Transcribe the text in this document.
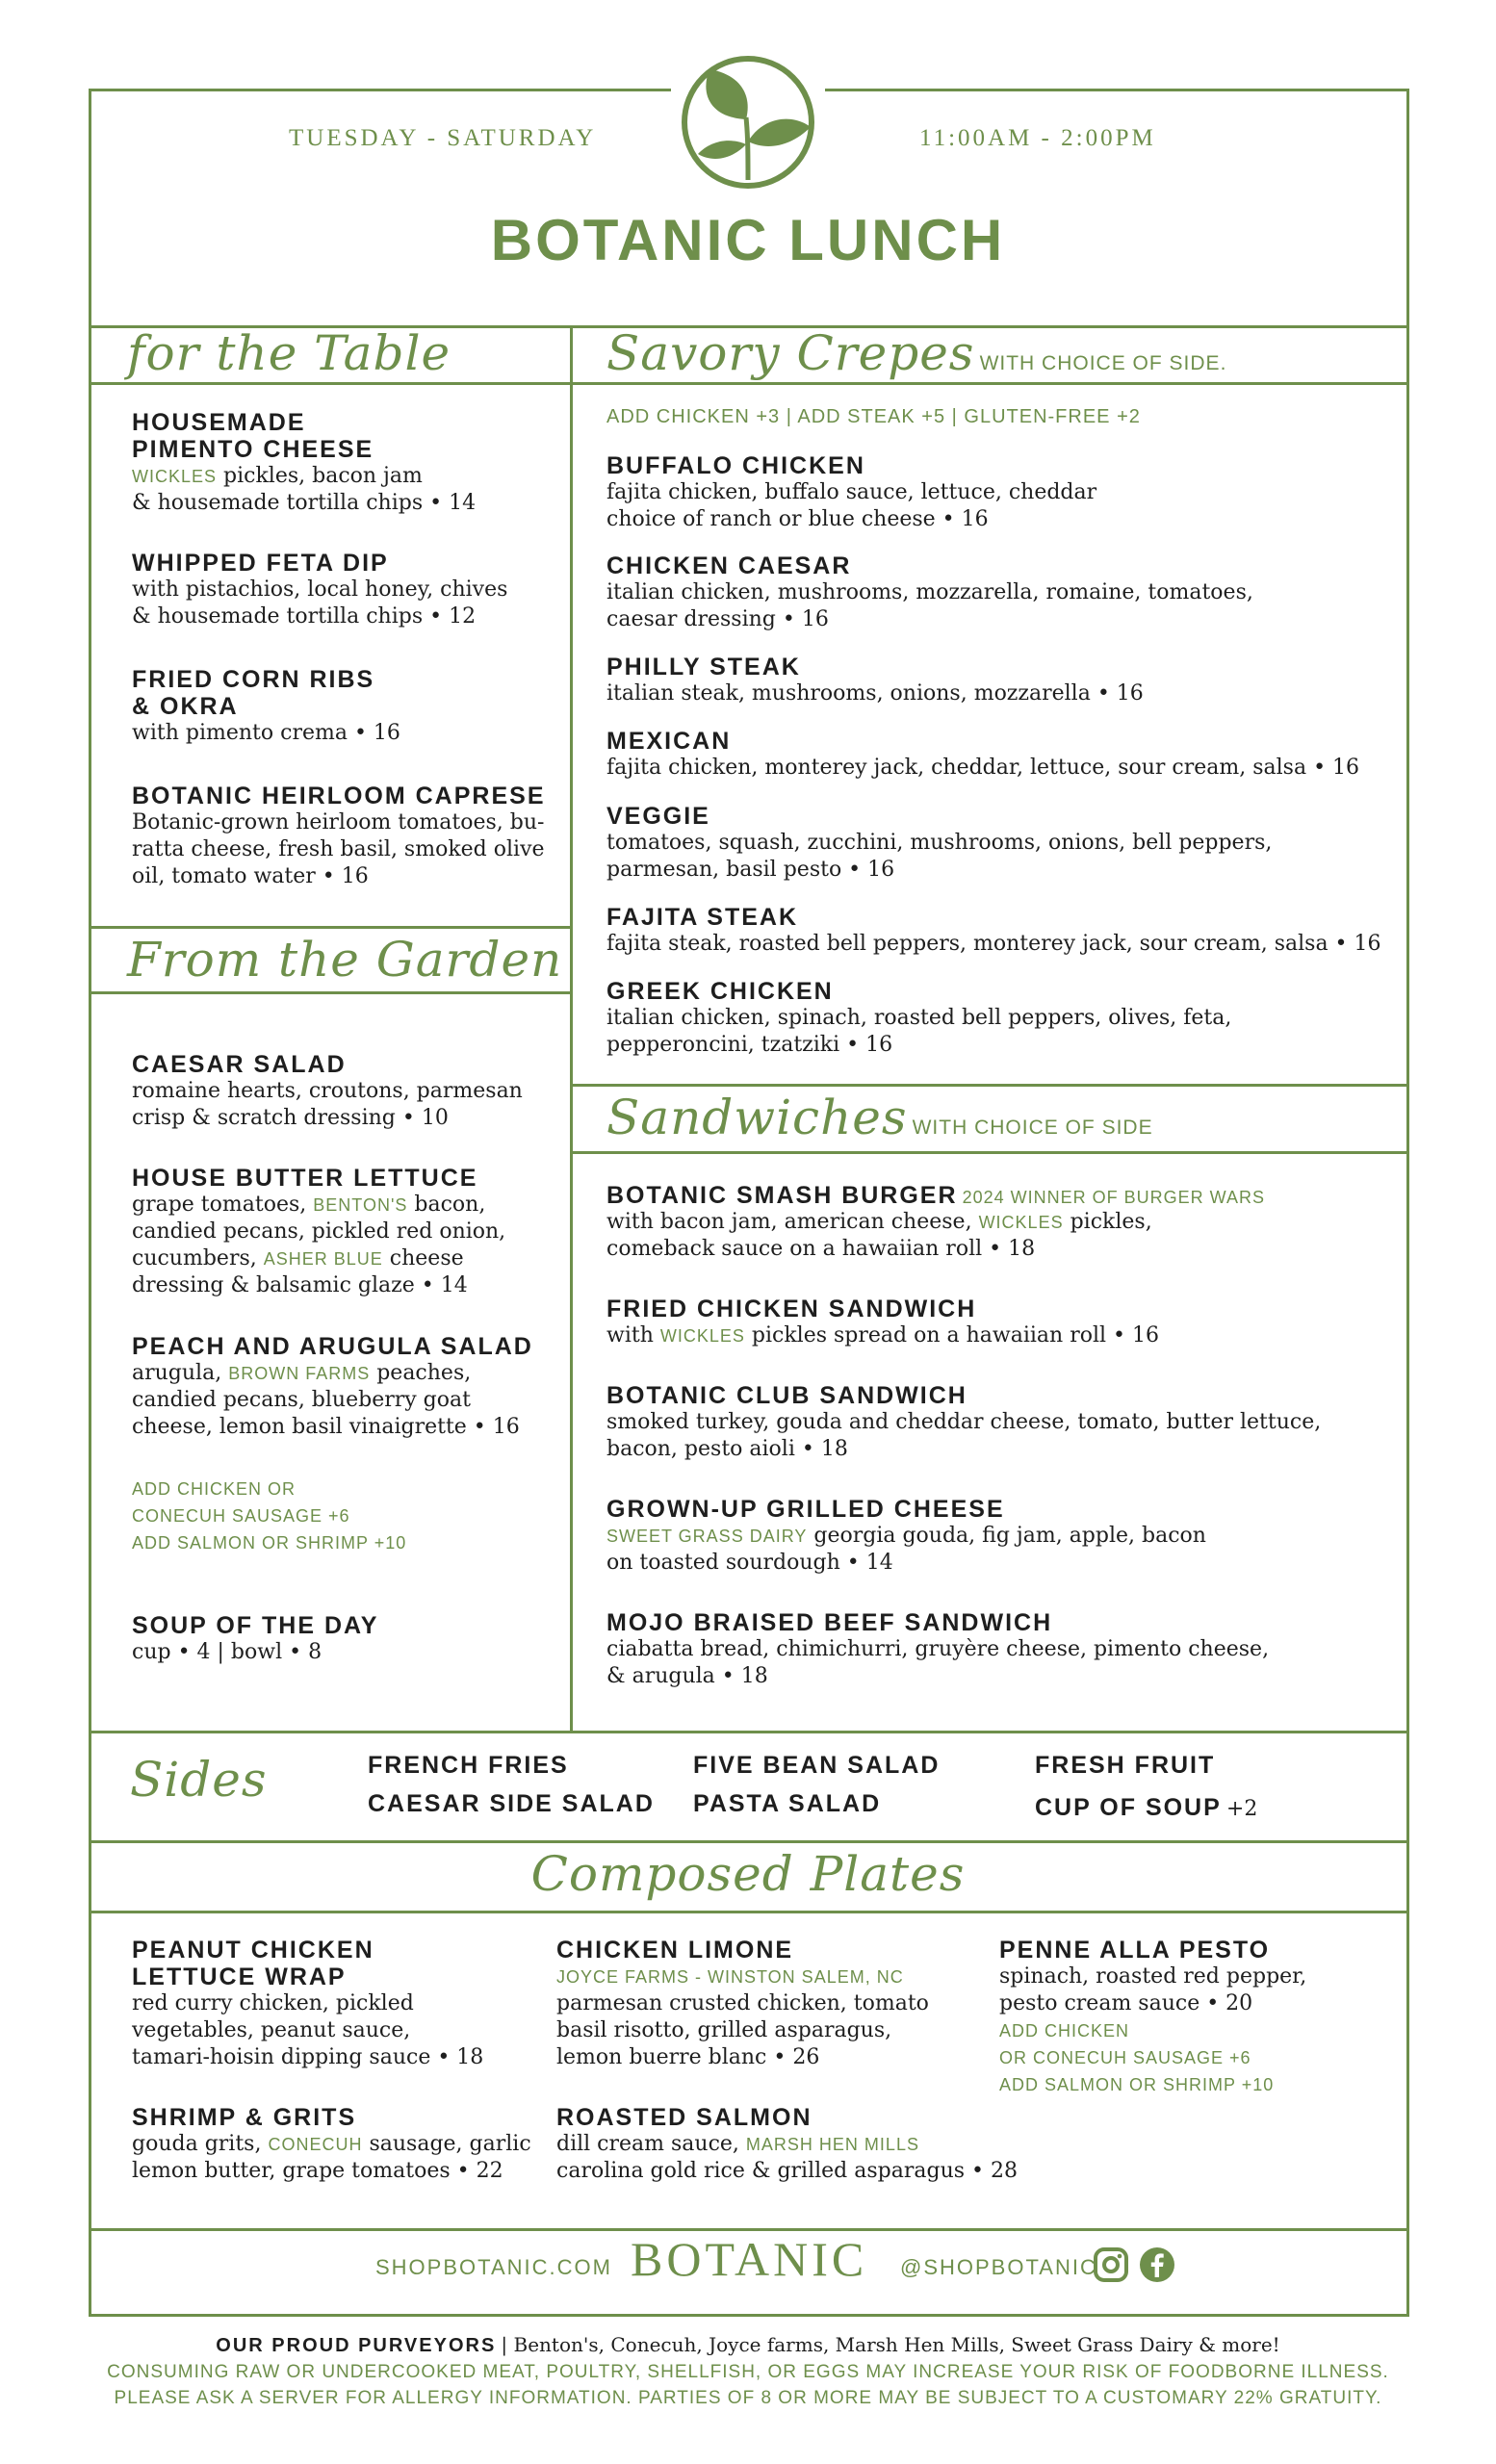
TUESDAY - SATURDAY	11:00AM - 2:00PM
BOTANIC LUNCH
for the Table
HOUSEMADE
PIMENTO CHEESE
WICKLES pickles, bacon jam
& housemade tortilla chips • 14
WHIPPED FETA DIP
with pistachios, local honey, chives
& housemade tortilla chips • 12
FRIED CORN RIBS
& OKRA
with pimento crema • 16
BOTANIC HEIRLOOM CAPRESE
Botanic-grown heirloom tomatoes, bu-
ratta cheese, fresh basil, smoked olive
oil, tomato water • 16
From the Garden
CAESAR SALAD
romaine hearts, croutons, parmesan
crisp & scratch dressing • 10
HOUSE BUTTER LETTUCE
grape tomatoes, BENTON'S bacon,
candied pecans, pickled red onion,
cucumbers, ASHER BLUE cheese
dressing & balsamic glaze • 14
PEACH AND ARUGULA SALAD
arugula, BROWN FARMS peaches,
candied pecans, blueberry goat
cheese, lemon basil vinaigrette • 16
ADD CHICKEN OR
CONECUH SAUSAGE +6
ADD SALMON OR SHRIMP +10
SOUP OF THE DAY
cup • 4 | bowl • 8
Savory Crepes WITH CHOICE OF SIDE.
ADD CHICKEN +3 | ADD STEAK +5 | GLUTEN-FREE +2
BUFFALO CHICKEN
fajita chicken, buffalo sauce, lettuce, cheddar
choice of ranch or blue cheese • 16
CHICKEN CAESAR
italian chicken, mushrooms, mozzarella, romaine, tomatoes,
caesar dressing • 16
PHILLY STEAK
italian steak, mushrooms, onions, mozzarella • 16
MEXICAN
fajita chicken, monterey jack, cheddar, lettuce, sour cream, salsa • 16
VEGGIE
tomatoes, squash, zucchini, mushrooms, onions, bell peppers,
parmesan, basil pesto • 16
FAJITA STEAK
fajita steak, roasted bell peppers, monterey jack, sour cream, salsa • 16
GREEK CHICKEN
italian chicken, spinach, roasted bell peppers, olives, feta,
pepperoncini, tzatziki • 16
Sandwiches WITH CHOICE OF SIDE
BOTANIC SMASH BURGER 2024 WINNER OF BURGER WARS
with bacon jam, american cheese, WICKLES pickles,
comeback sauce on a hawaiian roll • 18
FRIED CHICKEN SANDWICH
with WICKLES pickles spread on a hawaiian roll • 16
BOTANIC CLUB SANDWICH
smoked turkey, gouda and cheddar cheese, tomato, butter lettuce,
bacon, pesto aioli • 18
GROWN-UP GRILLED CHEESE
SWEET GRASS DAIRY georgia gouda, fig jam, apple, bacon
on toasted sourdough • 14
MOJO BRAISED BEEF SANDWICH
ciabatta bread, chimichurri, gruyère cheese, pimento cheese,
& arugula • 18
Sides	FRENCH FRIES
CAESAR SIDE SALAD
FIVE BEAN SALAD
PASTA SALAD
FRESH FRUIT
CUP OF SOUP +2
Composed Plates
PEANUT CHICKEN
LETTUCE WRAP
red curry chicken, pickled
vegetables, peanut sauce,
tamari-hoisin dipping sauce • 18
SHRIMP & GRITS
gouda grits, CONECUH sausage, garlic
lemon butter, grape tomatoes • 22
CHICKEN LIMONE
JOYCE FARMS - WINSTON SALEM, NC
parmesan crusted chicken, tomato
basil risotto, grilled asparagus,
lemon buerre blanc • 26
ROASTED SALMON
dill cream sauce, MARSH HEN MILLS
carolina gold rice & grilled asparagus • 28
PENNE ALLA PESTO
spinach, roasted red pepper,
pesto cream sauce • 20
ADD CHICKEN
OR CONECUH SAUSAGE +6
ADD SALMON OR SHRIMP +10
SHOPBOTANIC.COM BOTANIC @SHOPBOTANIC
OUR PROUD PURVEYORS | Benton's, Conecuh, Joyce farms, Marsh Hen Mills, Sweet Grass Dairy & more!
CONSUMING RAW OR UNDERCOOKED MEAT, POULTRY, SHELLFISH, OR EGGS MAY INCREASE YOUR RISK OF FOODBORNE ILLNESS.
PLEASE ASK A SERVER FOR ALLERGY INFORMATION. PARTIES OF 8 OR MORE MAY BE SUBJECT TO A CUSTOMARY 22% GRATUITY.
